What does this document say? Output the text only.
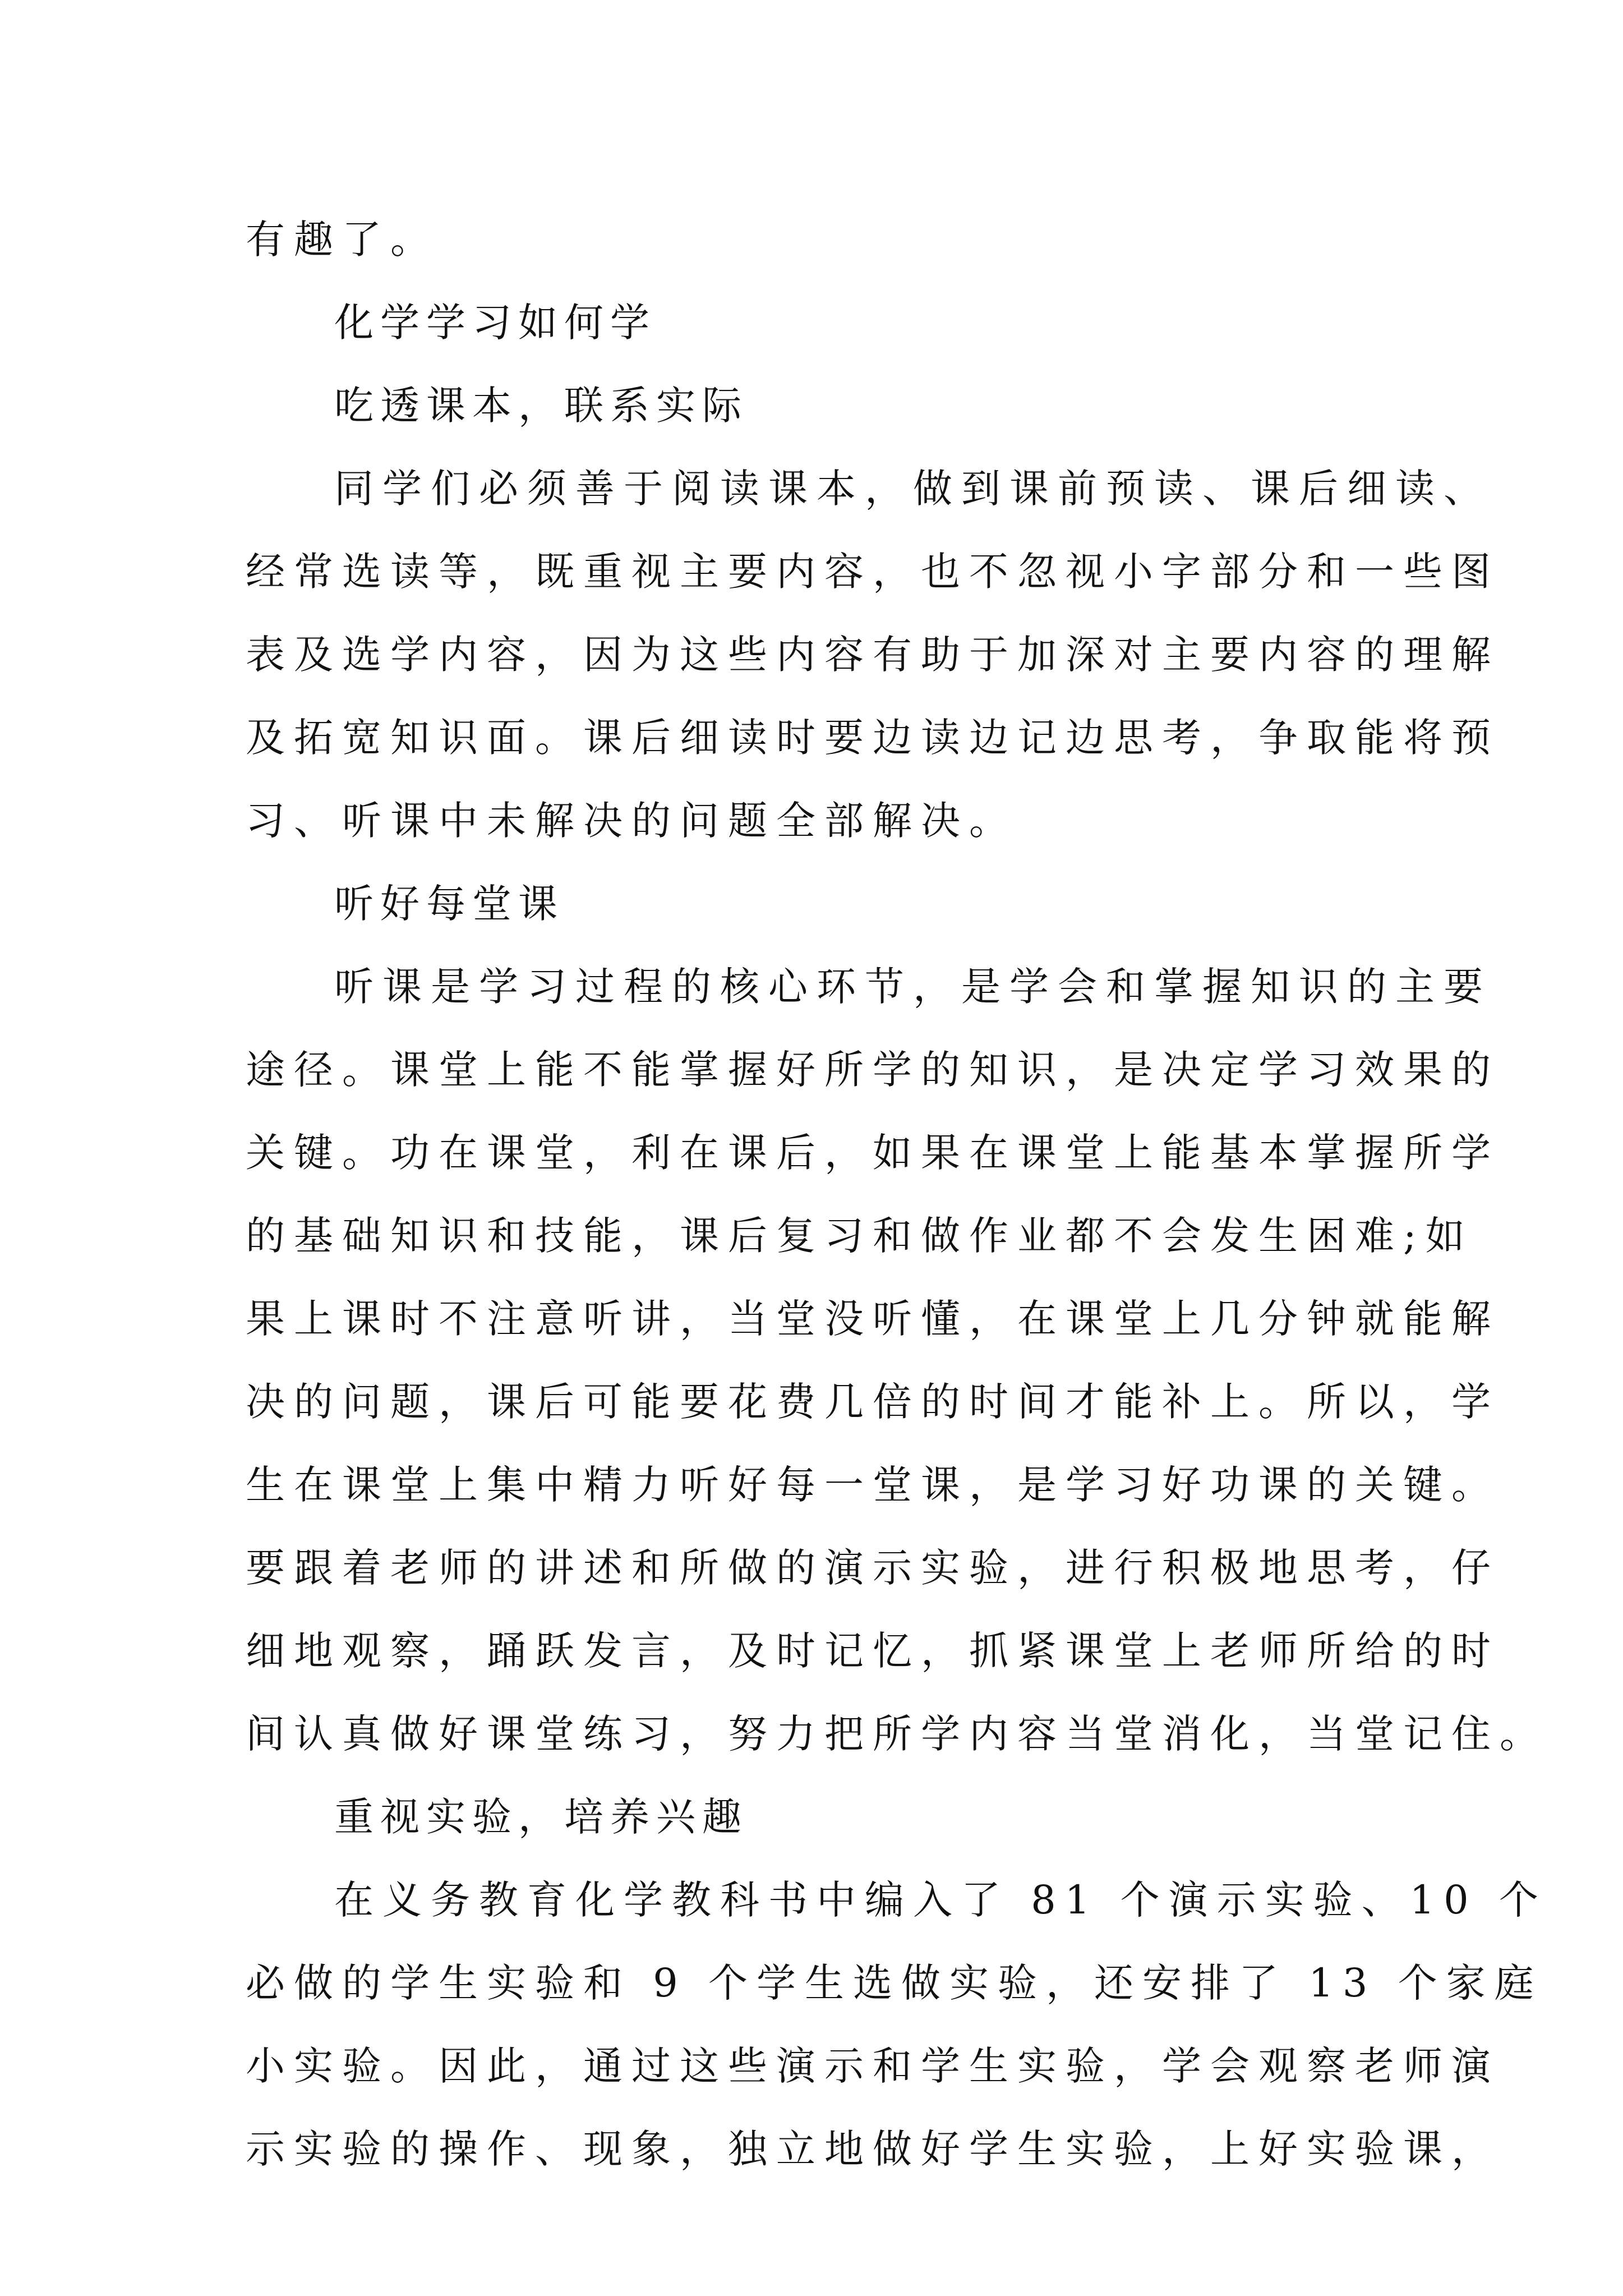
有趣了。
化学学习如何学
吃透课本，联系实际
同学们必须善于阅读课本，做到课前预读、课后细读、
经常选读等，既重视主要内容，也不忽视小字部分和一些图
表及选学内容，因为这些内容有助于加深对主要内容的理解
及拓宽知识面。课后细读时要边读边记边思考，争取能将预
习、听课中未解决的问题全部解决。
听好每堂课
听课是学习过程的核心环节，是学会和掌握知识的主要
途径。课堂上能不能掌握好所学的知识，是决定学习效果的
关键。功在课堂，利在课后，如果在课堂上能基本掌握所学
的基础知识和技能，课后复习和做作业都不会发生困难;如
果上课时不注意听讲，当堂没听懂，在课堂上几分钟就能解
决的问题，课后可能要花费几倍的时间才能补上。所以，学
生在课堂上集中精力听好每一堂课，是学习好功课的关键。
要跟着老师的讲述和所做的演示实验，进行积极地思考，仔
细地观察，踊跃发言，及时记忆，抓紧课堂上老师所给的时
间认真做好课堂练习，努力把所学内容当堂消化，当堂记住。
重视实验，培养兴趣
在义务教育化学教科书中编入了 81 个演示实验、10 个
必做的学生实验和 9 个学生选做实验，还安排了 13 个家庭
小实验。因此，通过这些演示和学生实验，学会观察老师演
示实验的操作、现象，独立地做好学生实验，上好实验课，
